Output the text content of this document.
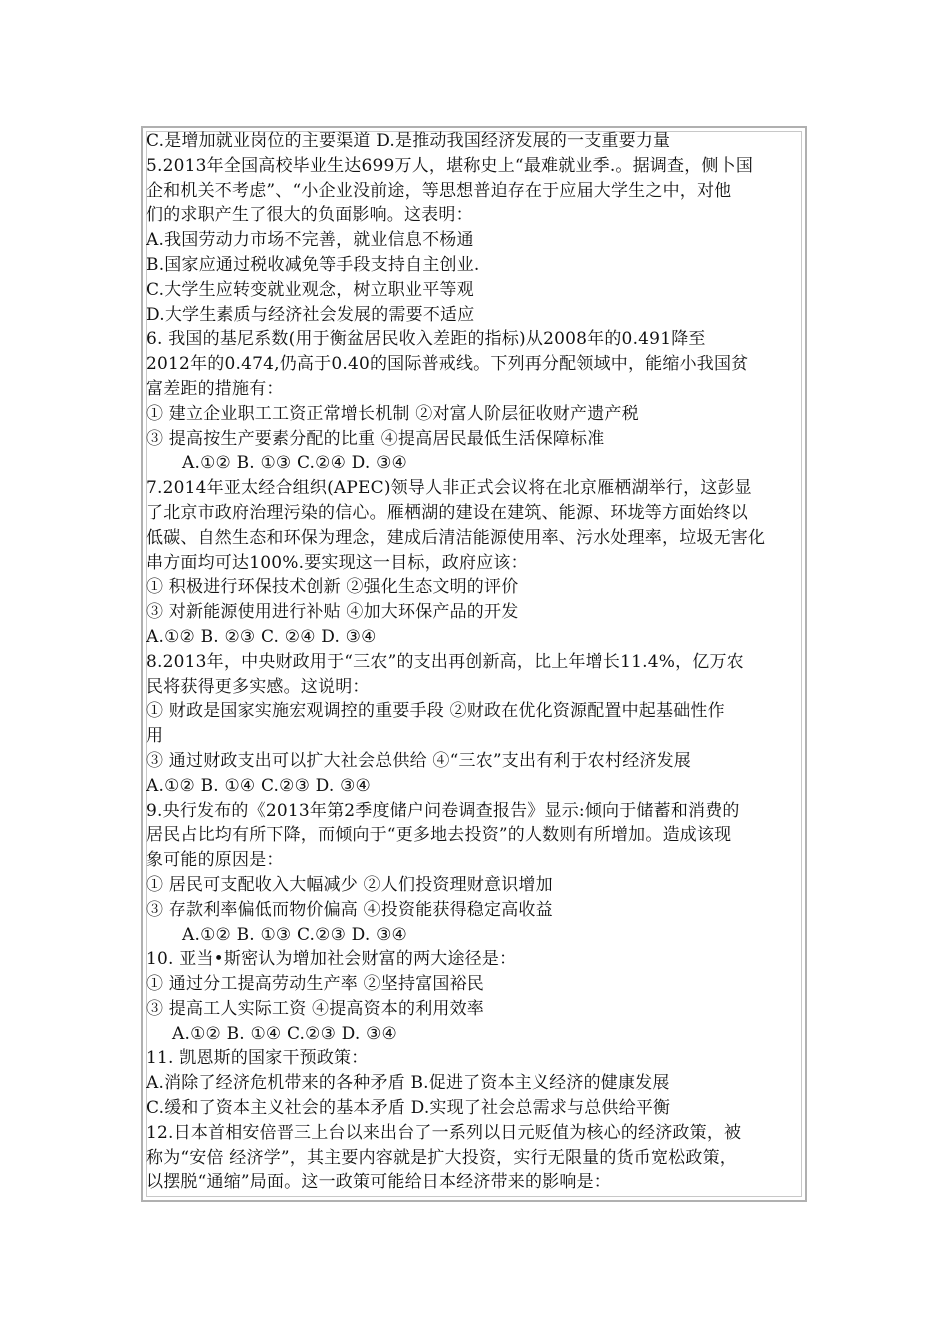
C.是增加就业岗位的主要渠道 D.是推动我国经济发展的一支重要力量
5.2013年全国高校毕业生达699万人，堪称史上“最难就业季.。据调查，侧卜国
企和机关不考虑”、“小企业没前途，等思想普迫存在于应届大学生之中，对他
们的求职产生了很大的负面影响。这表明：
A.我国劳动力市场不完善，就业信息不杨通
B.国家应通过税收减免等手段支持自主创业.
C.大学生应转变就业观念，树立职业平等观
D.大学生素质与经济社会发展的需要不适应
6. 我国的基尼系数(用于衡盆居民收入差距的指标)从2008年的0.491降至
2012年的0.474,仍高于0.40的国际普戒线。下列再分配领域中，能缩小我国贫
富差距的措施有：
① 建立企业职工工资正常增长机制 ②对富人阶层征收财产遗产税
③ 提高按生产要素分配的比重 ④提高居民最低生活保障标准
A.①② B. ①③ C.②④ D. ③④
7.2014年亚太经合组织(APEC)领导人非正式会议将在北京雁栖湖举行，这彭显
了北京市政府治理污染的信心。雁栖湖的建设在建筑、能源、环垅等方面始终以
低碳、自然生态和环保为理念，建成后清洁能源使用率、污水处理率，垃圾无害化
串方面均可达100%.要实现这一目标，政府应该：
① 积极进行环保技术创新 ②强化生态文明的评价
③ 对新能源使用进行补贴 ④加大环保产品的开发
A.①② B. ②③ C. ②④ D. ③④
8.2013年，中央财政用于“三农”的支出再创新高，比上年增长11.4%，亿万农
民将获得更多实感。这说明：
① 财政是国家实施宏观调控的重要手段 ②财政在优化资源配置中起基础性作
用
③ 通过财政支出可以扩大社会总供给 ④“三农”支出有利于农村经济发展
A.①② B. ①④ C.②③ D. ③④
9.央行发布的《2013年第2季度储户问卷调查报告》显示:倾向于储蓄和消费的
居民占比均有所下降，而倾向于“更多地去投资”的人数则有所增加。造成该现
象可能的原因是：
① 居民可支配收入大幅减少 ②人们投资理财意识增加
③ 存款利率偏低而物价偏高 ④投资能获得稳定高收益
A.①② B. ①③ C.②③ D. ③④
10. 亚当•斯密认为增加社会财富的两大途径是：
① 通过分工提高劳动生产率 ②坚持富国裕民
③ 提高工人实际工资 ④提高资本的利用效率
A.①② B. ①④ C.②③ D. ③④
11. 凯恩斯的国家干预政策：
A.消除了经济危机带来的各种矛盾 B.促进了资本主义经济的健康发展
C.缓和了资本主义社会的基本矛盾 D.实现了社会总需求与总供给平衡
12.日本首相安倍晋三上台以来出台了一系列以日元贬值为核心的经济政策，被
称为“安倍 经济学”，其主要内容就是扩大投资，实行无限量的货币宽松政策，
以摆脱“通缩”局面。这一政策可能给日本经济带来的影响是：
